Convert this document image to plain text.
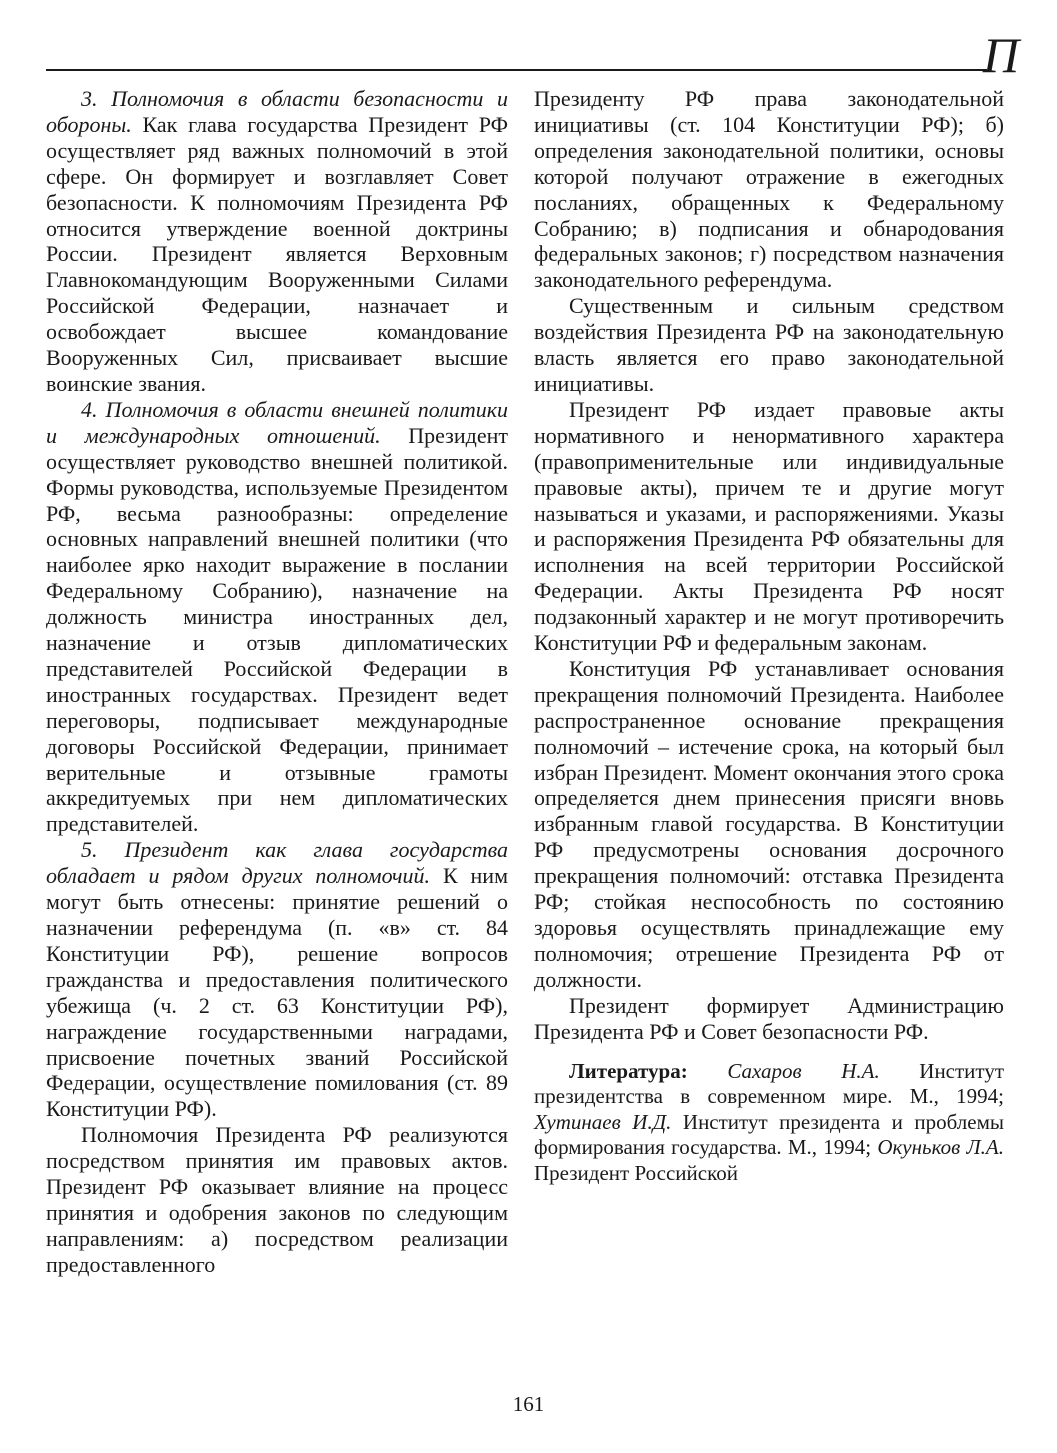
П

3. Полномочия в области безопасности и обороны. Как глава государства Президент РФ осуществляет ряд важных полномочий в этой сфере. Он формирует и возглавляет Совет безопасности. К полномочиям Президента РФ относится утверждение военной доктрины России. Президент является Верховным Главнокомандующим Вооруженными Силами Российской Федерации, назначает и освобождает высшее командование Вооруженных Сил, присваивает высшие воинские звания.

4. Полномочия в области внешней политики и международных отношений. Президент осуществляет руководство внешней политикой. Формы руководства, используемые Президентом РФ, весьма разнообразны: определение основных направлений внешней политики (что наиболее ярко находит выражение в послании Федеральному Собранию), назначение на должность министра иностранных дел, назначение и отзыв дипломатических представителей Российской Федерации в иностранных государствах. Президент ведет переговоры, подписывает международные договоры Российской Федерации, принимает верительные и отзывные грамоты аккредитуемых при нем дипломатических представителей.

5. Президент как глава государства обладает и рядом других полномочий. К ним могут быть отнесены: принятие решений о назначении референдума (п. «в» ст. 84 Конституции РФ), решение вопросов гражданства и предоставления политического убежища (ч. 2 ст. 63 Конституции РФ), награждение государственными наградами, присвоение почетных званий Российской Федерации, осуществление помилования (ст. 89 Конституции РФ).

Полномочия Президента РФ реализуются посредством принятия им правовых актов. Президент РФ оказывает влияние на процесс принятия и одобрения законов по следующим направлениям: а) посредством реализации предоставленного

Президенту РФ права законодательной инициативы (ст. 104 Конституции РФ); б) определения законодательной политики, основы которой получают отражение в ежегодных посланиях, обращенных к Федеральному Собранию; в) подписания и обнародования федеральных законов; г) посредством назначения законодательного референдума.

Существенным и сильным средством воздействия Президента РФ на законодательную власть является его право законодательной инициативы.

Президент РФ издает правовые акты нормативного и ненормативного характера (правоприменительные или индивидуальные правовые акты), причем те и другие могут называться и указами, и распоряжениями. Указы и распоряжения Президента РФ обязательны для исполнения на всей территории Российской Федерации. Акты Президента РФ носят подзаконный характер и не могут противоречить Конституции РФ и федеральным законам.

Конституция РФ устанавливает основания прекращения полномочий Президента. Наиболее распространенное основание прекращения полномочий – истечение срока, на который был избран Президент. Момент окончания этого срока определяется днем принесения присяги вновь избранным главой государства. В Конституции РФ предусмотрены основания досрочного прекращения полномочий: отставка Президента РФ; стойкая неспособность по состоянию здоровья осуществлять принадлежащие ему полномочия; отрешение Президента РФ от должности.

Президент формирует Администрацию Президента РФ и Совет безопасности РФ.

Литература: Сахаров Н.А. Институт президентства в современном мире. М., 1994; Хутинаев И.Д. Институт президента и проблемы формирования государства. М., 1994; Окуньков Л.А. Президент Российской

161
